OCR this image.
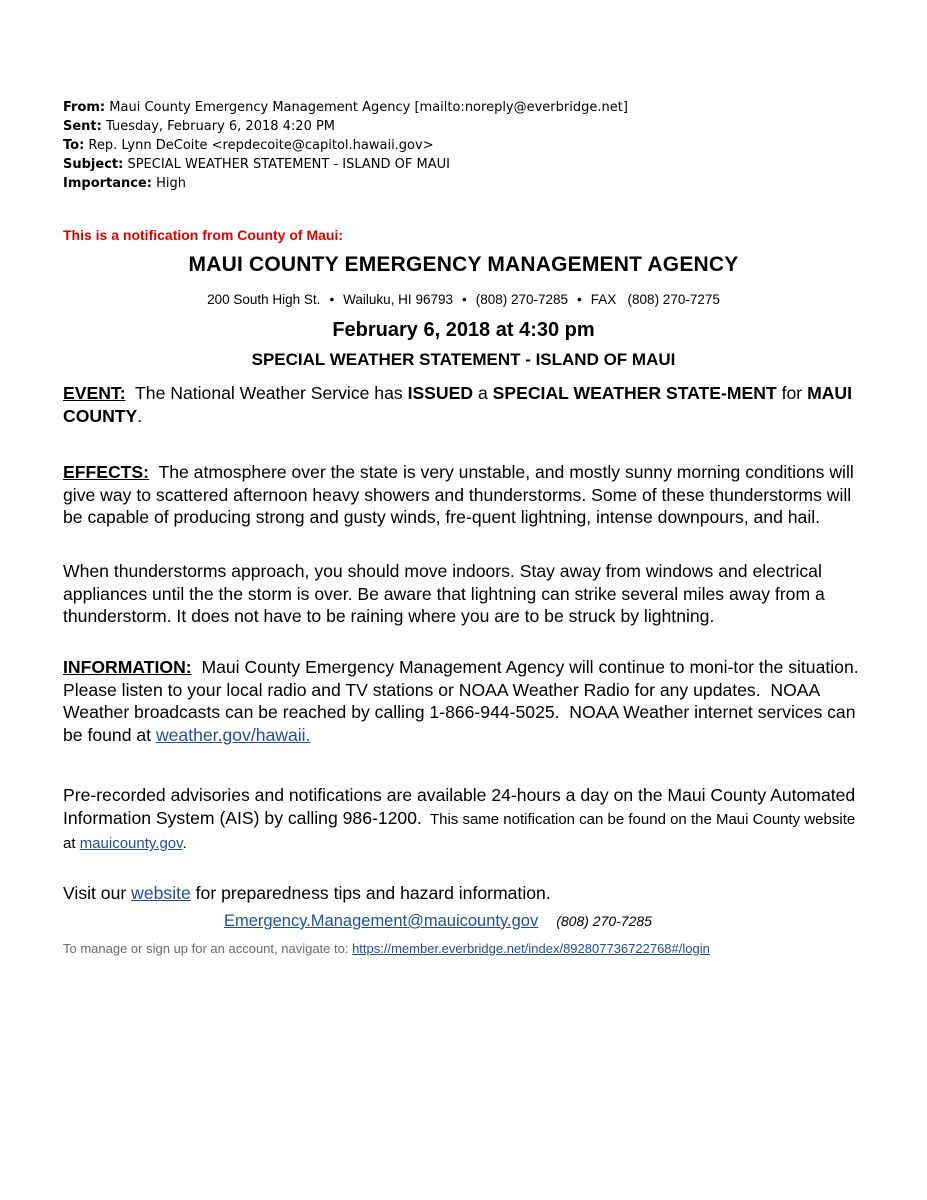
From: Maui County Emergency Management Agency [mailto:noreply@everbridge.net]
Sent: Tuesday, February 6, 2018 4:20 PM
To: Rep. Lynn DeCoite <repdecoite@capitol.hawaii.gov>
Subject: SPECIAL WEATHER STATEMENT - ISLAND OF MAUI
Importance: High
This is a notification from County of Maui:
MAUI COUNTY EMERGENCY MANAGEMENT AGENCY
200 South High St. • Wailuku, HI 96793 • (808) 270-7285 • FAX   (808) 270-7275
February 6, 2018 at 4:30 pm
SPECIAL WEATHER STATEMENT - ISLAND OF MAUI
EVENT:  The National Weather Service has ISSUED a SPECIAL WEATHER STATE-MENT for MAUI COUNTY.
EFFECTS:  The atmosphere over the state is very unstable, and mostly sunny morning conditions will give way to scattered afternoon heavy showers and thunderstorms. Some of these thunderstorms will be capable of producing strong and gusty winds, fre-quent lightning, intense downpours, and hail.
When thunderstorms approach, you should move indoors. Stay away from windows and electrical appliances until the the storm is over. Be aware that lightning can strike several miles away from a thunderstorm. It does not have to be raining where you are to be struck by lightning.
INFORMATION:  Maui County Emergency Management Agency will continue to moni-tor the situation.  Please listen to your local radio and TV stations or NOAA Weather Radio for any updates.  NOAA Weather broadcasts can be reached by calling 1-866-944-5025.  NOAA Weather internet services can be found at weather.gov/hawaii.
Pre-recorded advisories and notifications are available 24-hours a day on the Maui County Automated Information System (AIS) by calling 986-1200.  This same notification can be found on the Maui County website at mauicounty.gov.
Visit our website for preparedness tips and hazard information.
Emergency.Management@mauicounty.gov (808) 270-7285
To manage or sign up for an account, navigate to: https://member.everbridge.net/index/892807736722768#/login
